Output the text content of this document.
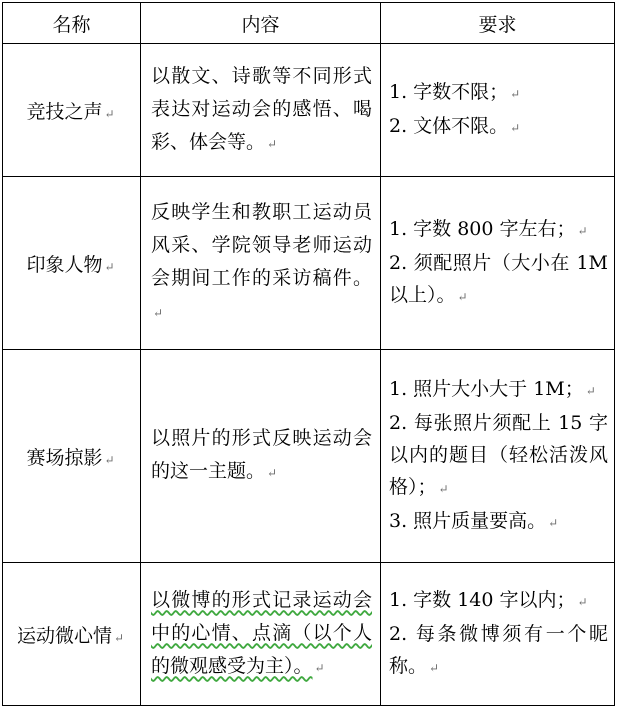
名称	内容	要求
竞技之声 ↵	以散文、诗歌等不同形式表达对运动会的感悟、喝彩、体会等。 ↵	1. 字数不限； ↵
2. 文体不限。 ↵

印象人物 ↵	反映学生和教职工运动员风采、学院领导老师运动会期间工作的采访稿件。↵	1. 字数 800 字左右； ↵
2. 须配照片（大小在 1M 以上）。 ↵

赛场掠影 ↵	以照片的形式反映运动会的这一主题。 ↵	1. 照片大小大于 1M； ↵
2. 每张照片须配上 15 字以内的题目（轻松活泼风格）； ↵
3. 照片质量要高。 ↵

运动微心情 ↵	以微博的形式记录运动会中的心情、点滴（以个人的微观感受为主）。 ↵	1. 字数 140 字以内； ↵
2. 每条微博须有一个昵称。 ↵
